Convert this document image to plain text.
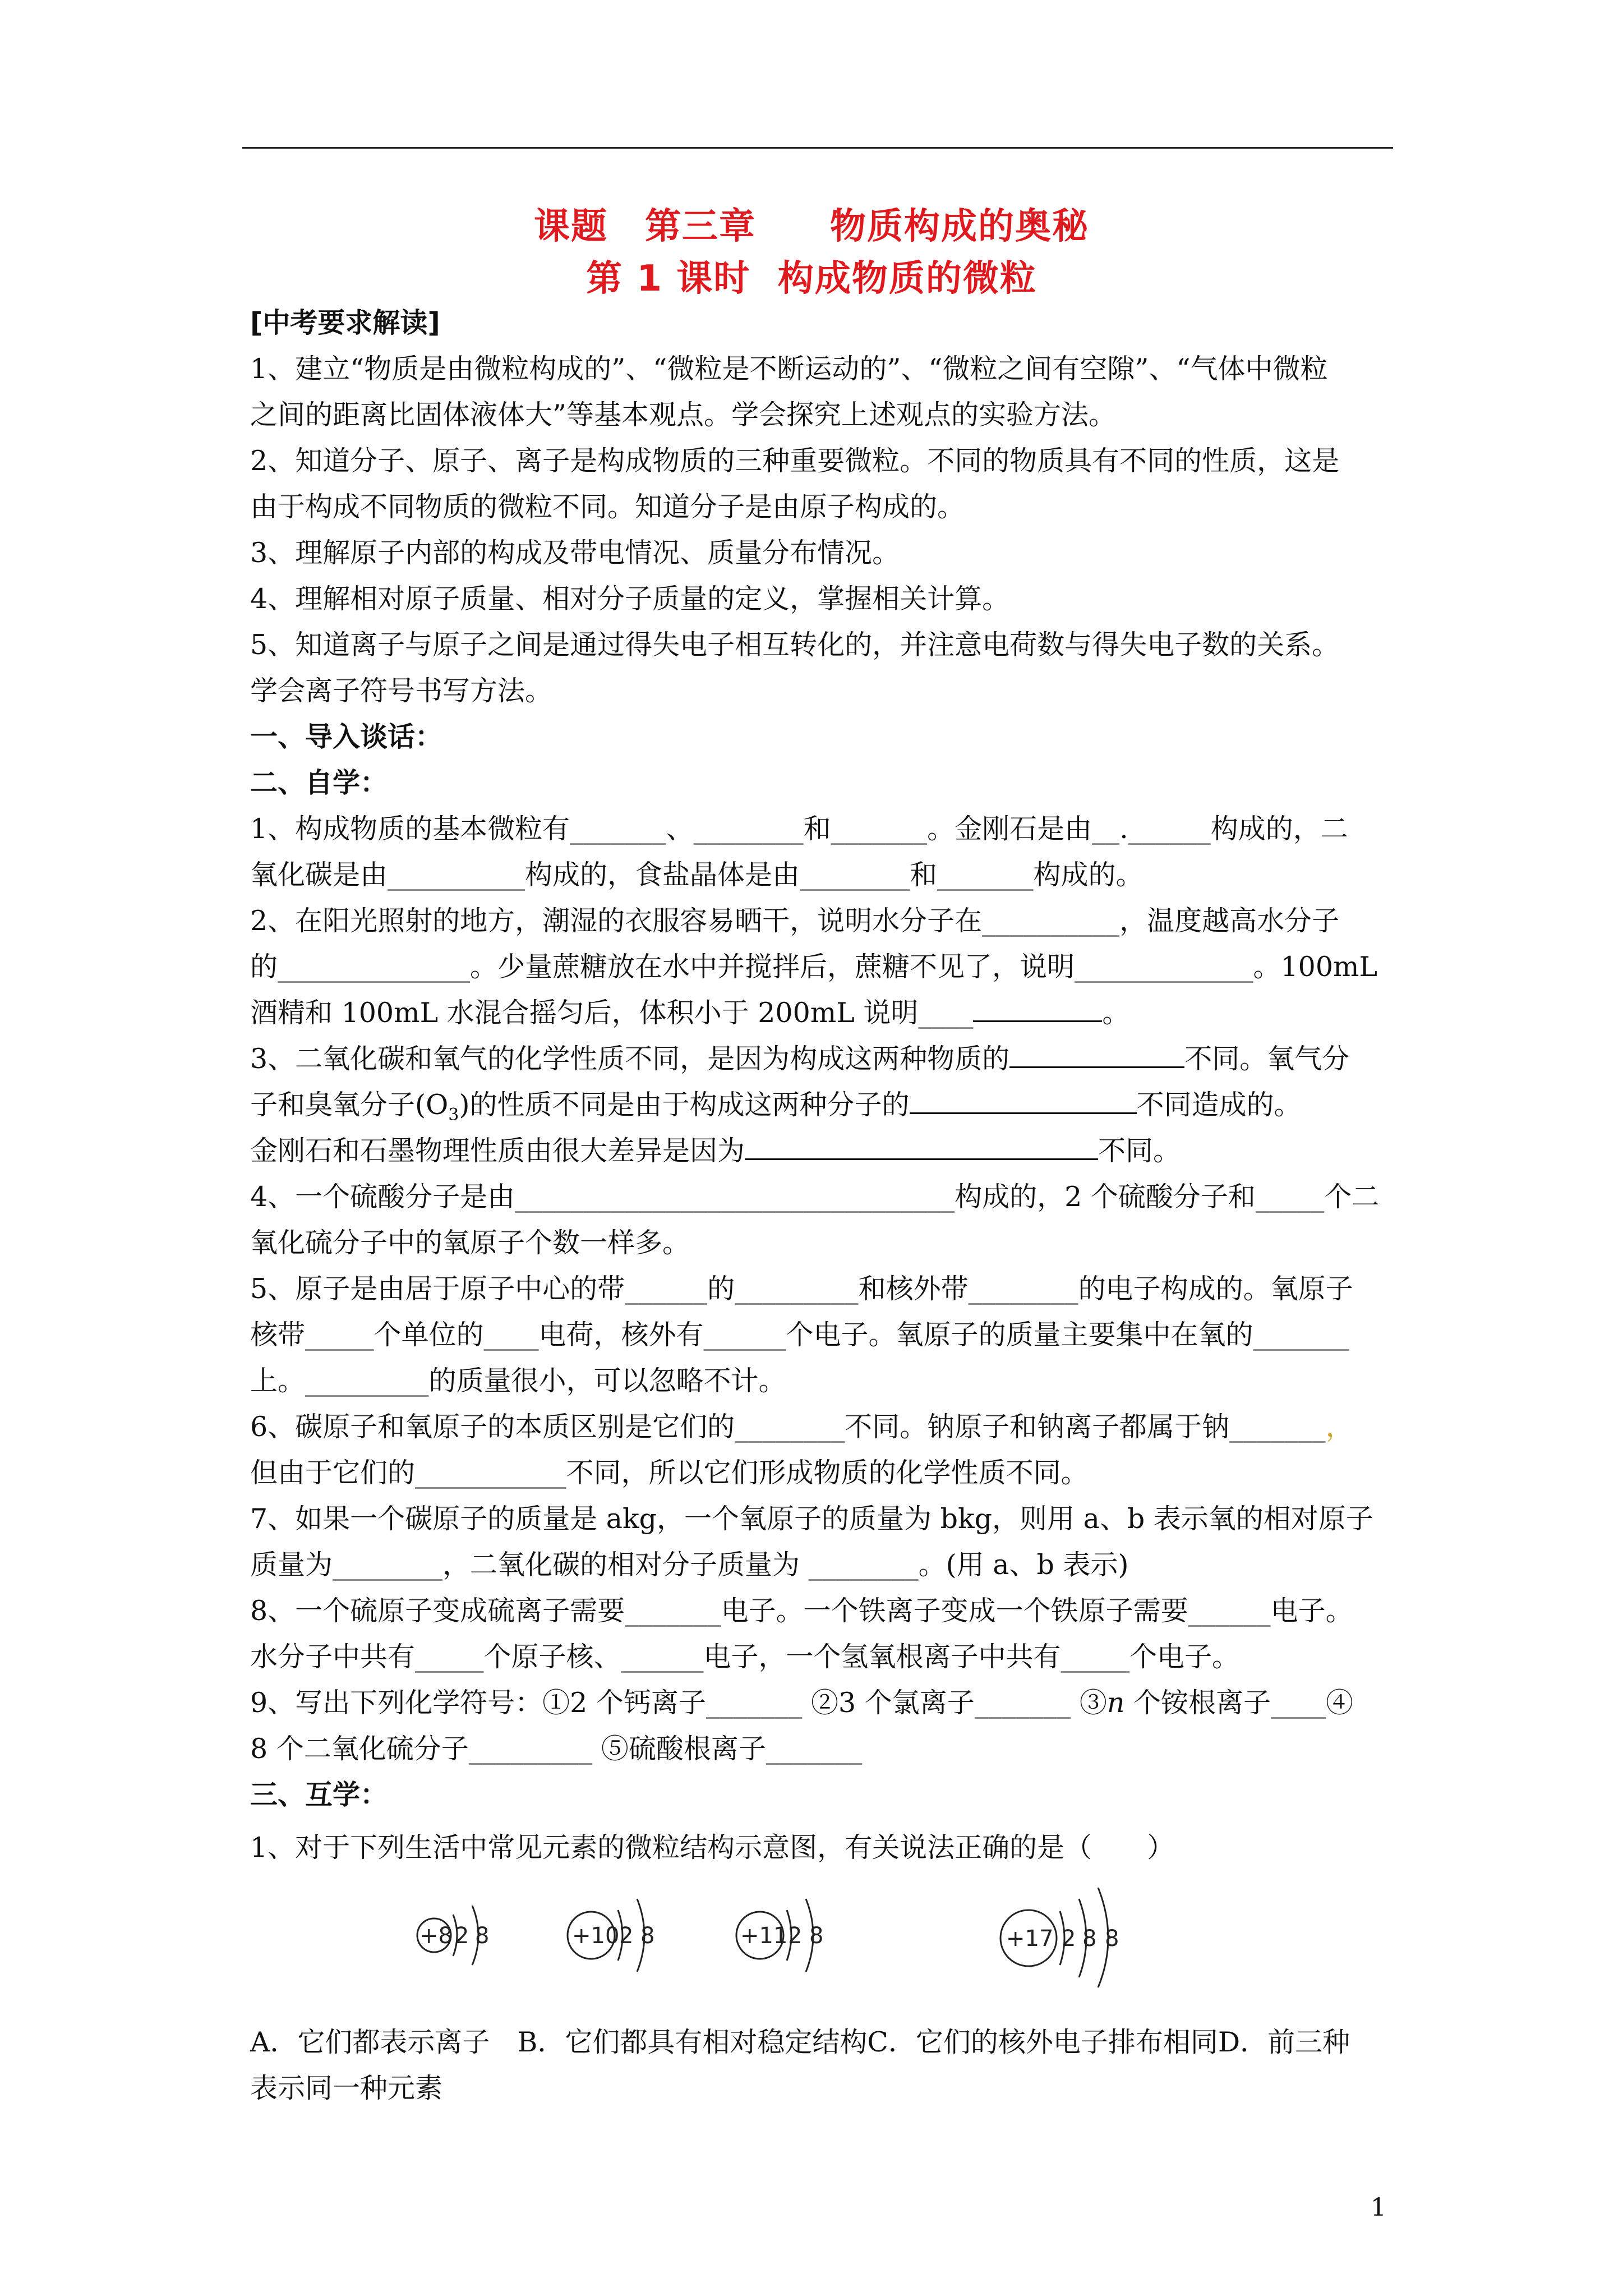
课题　第三章　　物质构成的奥秘
第 1 课时  构成物质的微粒
[中考要求解读]
1、建立“物质是由微粒构成的”、“微粒是不断运动的”、“微粒之间有空隙”、“气体中微粒
之间的距离比固体液体大”等基本观点。学会探究上述观点的实验方法。
2、知道分子、原子、离子是构成物质的三种重要微粒。不同的物质具有不同的性质，这是
由于构成不同物质的微粒不同。知道分子是由原子构成的。
3、理解原子内部的构成及带电情况、质量分布情况。
4、理解相对原子质量、相对分子质量的定义，掌握相关计算。
5、知道离子与原子之间是通过得失电子相互转化的，并注意电荷数与得失电子数的关系。
学会离子符号书写方法。
一、导入谈话：
二、自学：
1、构成物质的基本微粒有_______、________和_______。金刚石是由__.______构成的，二
氧化碳是由__________构成的，食盐晶体是由________和_______构成的。
2、在阳光照射的地方，潮湿的衣服容易晒干，说明水分子在__________，温度越高水分子
的______________。少量蔗糖放在水中并搅拌后，蔗糖不见了，说明_____________。100mL
酒精和 100mL 水混合摇匀后，体积小于 200mL 说明____	。
3、二氧化碳和氧气的化学性质不同，是因为构成这两种物质的	不同。氧气分
子和臭氧分子$(O_3)$的性质不同是由于构成这两种分子的	不同造成的。
金刚石和石墨物理性质由很大差异是因为	不同。
4、一个硫酸分子是由________________________________构成的，2 个硫酸分子和_____个二
氧化硫分子中的氧原子个数一样多。
5、原子是由居于原子中心的带______的_________和核外带________的电子构成的。氧原子
核带_____个单位的____电荷，核外有______个电子。氧原子的质量主要集中在氧的_______
上。_________的质量很小，可以忽略不计。
6、碳原子和氧原子的本质区别是它们的________不同。钠原子和钠离子都属于钠_______，
但由于它们的___________不同，所以它们形成物质的化学性质不同。
7、如果一个碳原子的质量是 akg，一个氧原子的质量为 bkg，则用 a、b 表示氧的相对原子
质量为________，二氧化碳的相对分子质量为 ________。(用 a、b 表示)
8、一个硫原子变成硫离子需要_______电子。一个铁离子变成一个铁原子需要______电子。
水分子中共有_____个原子核、______电子，一个氢氧根离子中共有_____个电子。
9、写出下列化学符号：①2 个钙离子_______ ②3 个氯离子_______ ③n 个铵根离子____④
8 个二氧化硫分子_________ ⑤硫酸根离子_______
三、互学：
1、对于下列生活中常见元素的微粒结构示意图，有关说法正确的是（　　）
+8 2 8	+10 2 8	+11 2 8	+17 2 8 8
A．它们都表示离子　B．它们都具有相对稳定结构C．它们的核外电子排布相同D．前三种
表示同一种元素
1
